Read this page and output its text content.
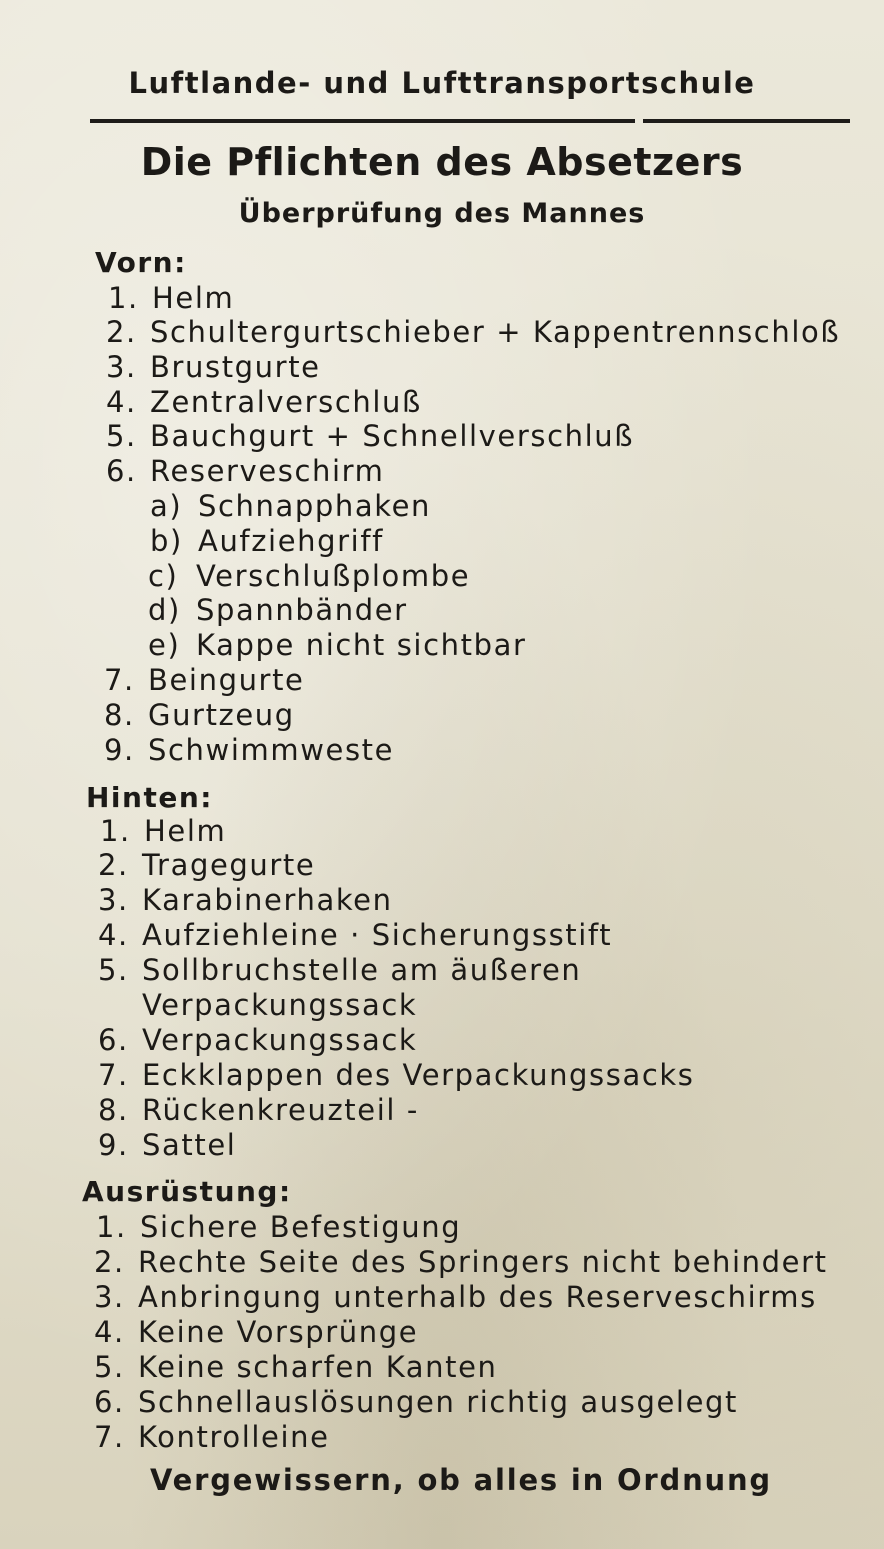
Luftlande- und Lufttransportschule
Die Pflichten des Absetzers
Überprüfung des Mannes
Vorn:
1. Helm
2. Schultergurtschieber + Kappentrennschloß
3. Brustgurte
4. Zentralverschluß
5. Bauchgurt + Schnellverschluß
6. Reserveschirm
a) Schnapphaken
b) Aufziehgriff
c) Verschlußplombe
d) Spannbänder
e) Kappe nicht sichtbar
7. Beingurte
8. Gurtzeug
9. Schwimmweste
Hinten:
1. Helm
2. Tragegurte
3. Karabinerhaken
4. Aufziehleine · Sicherungsstift
5. Sollbruchstelle am äußeren
Verpackungssack
6. Verpackungssack
7. Eckklappen des Verpackungssacks
8. Rückenkreuzteil -
9. Sattel
Ausrüstung:
1. Sichere Befestigung
2. Rechte Seite des Springers nicht behindert
3. Anbringung unterhalb des Reserveschirms
4. Keine Vorsprünge
5. Keine scharfen Kanten
6. Schnellauslösungen richtig ausgelegt
7. Kontrolleine
Vergewissern, ob alles in Ordnung
